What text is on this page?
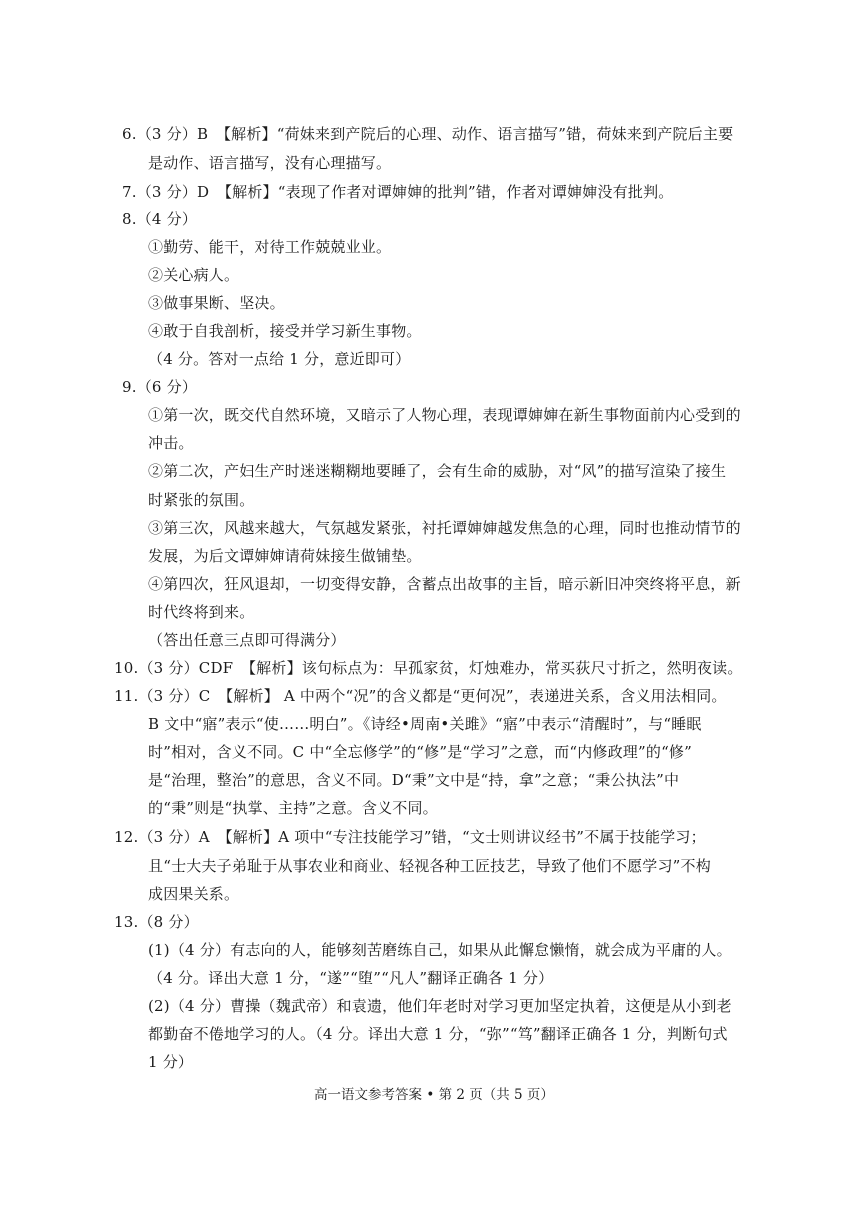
6.（3 分）B　【解析】“荷妹来到产院后的心理、动作、语言描写”错，荷妹来到产院后主要
是动作、语言描写，没有心理描写。
7.（3 分）D　【解析】“表现了作者对谭婶婶的批判”错，作者对谭婶婶没有批判。
8.（4 分）
①勤劳、能干，对待工作兢兢业业。
②关心病人。
③做事果断、坚决。
④敢于自我剖析，接受并学习新生事物。
（4 分。答对一点给 1 分，意近即可）
9.（6 分）
①第一次，既交代自然环境，又暗示了人物心理，表现谭婶婶在新生事物面前内心受到的
冲击。
②第二次，产妇生产时迷迷糊糊地要睡了，会有生命的威胁，对“风”的描写渲染了接生
时紧张的氛围。
③第三次，风越来越大，气氛越发紧张，衬托谭婶婶越发焦急的心理，同时也推动情节的
发展，为后文谭婶婶请荷妹接生做铺垫。
④第四次，狂风退却，一切变得安静，含蓄点出故事的主旨，暗示新旧冲突终将平息，新
时代终将到来。
（答出任意三点即可得满分）
10.（3 分）CDF　【解析】该句标点为：早孤家贫，灯烛难办，常买荻尺寸折之，然明夜读。
11.（3 分）C　【解析】 A 中两个“况”的含义都是“更何况”，表递进关系，含义用法相同。
B 文中“寤”表示“使……明白”。《诗经•周南•关雎》“寤”中表示“清醒时”，与“睡眠
时”相对，含义不同。C 中“全忘修学”的“修”是“学习”之意，而“内修政理”的“修”
是“治理，整治”的意思，含义不同。D“秉”文中是“持，拿”之意；“秉公执法”中
的“秉”则是“执掌、主持”之意。含义不同。
12.（3 分）A　【解析】A 项中“专注技能学习”错，“文士则讲议经书”不属于技能学习；
且“士大夫子弟耻于从事农业和商业、轻视各种工匠技艺，导致了他们不愿学习”不构
成因果关系。
13.（8 分）
(1)（4 分）有志向的人，能够刻苦磨练自己，如果从此懈怠懒惰，就会成为平庸的人。
（4 分。译出大意 1 分，“遂”“堕”“凡人”翻译正确各 1 分）
(2)（4 分）曹操（魏武帝）和袁遗，他们年老时对学习更加坚定执着，这便是从小到老
都勤奋不倦地学习的人。（4 分。译出大意 1 分，“弥”“笃”翻译正确各 1 分，判断句式
1 分）
高一语文参考答案 • 第 2 页（共 5 页）
